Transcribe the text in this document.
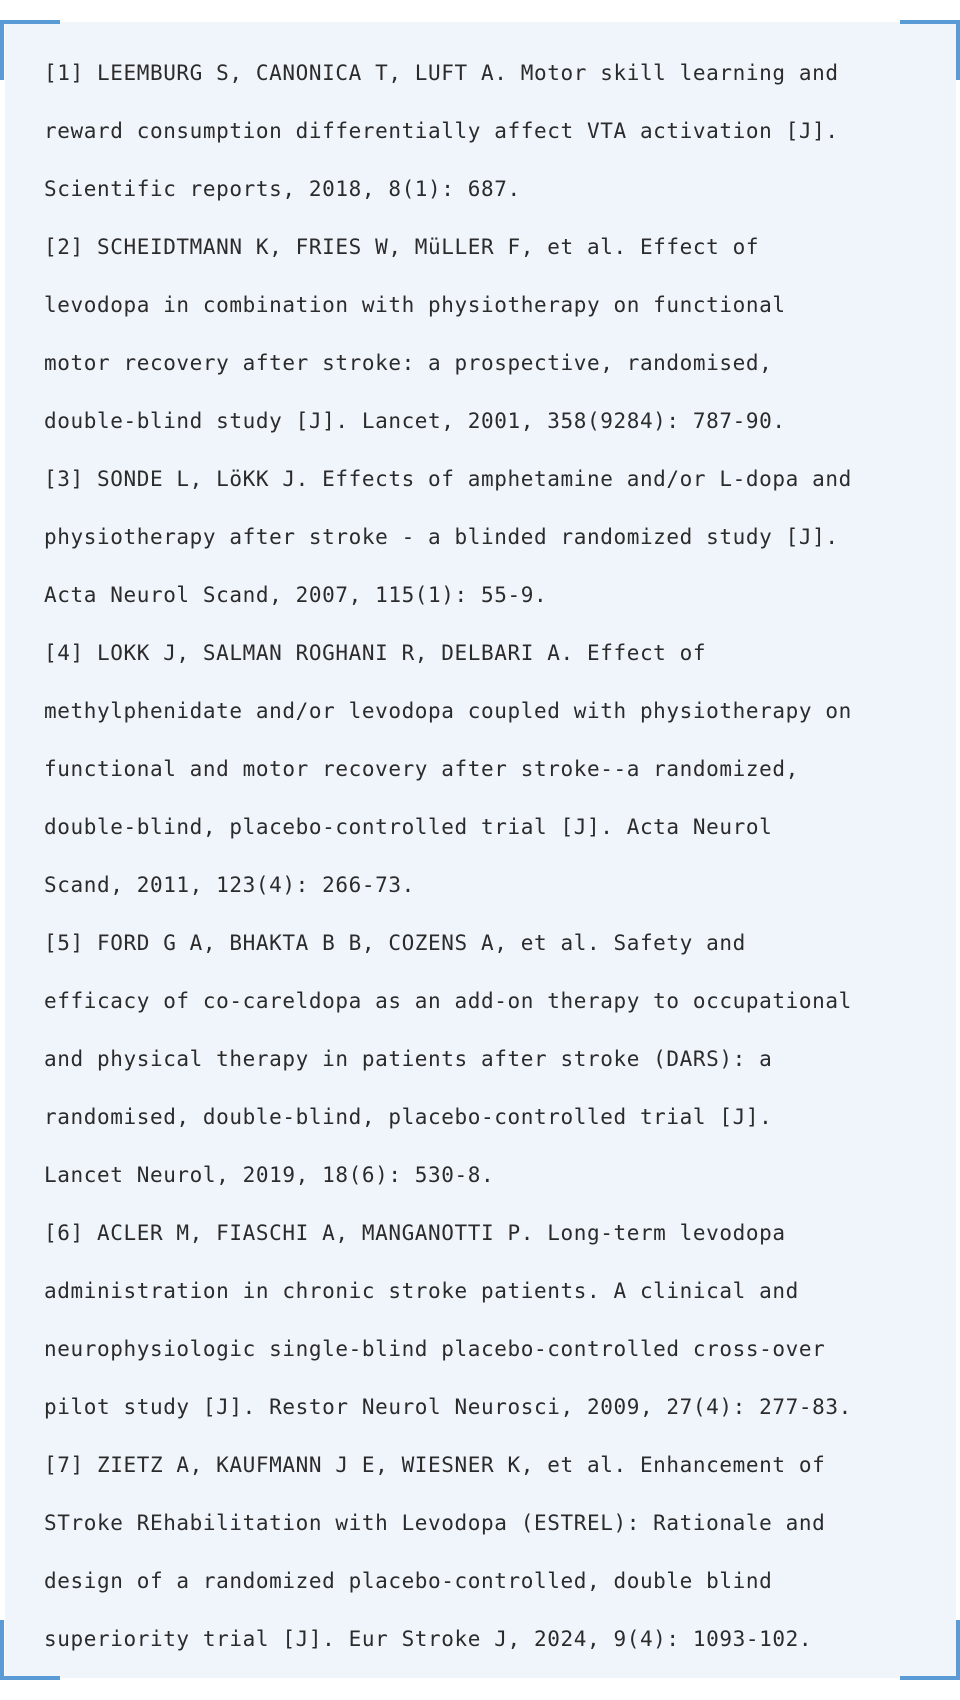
[1] LEEMBURG S, CANONICA T, LUFT A. Motor skill learning and
reward consumption differentially affect VTA activation [J].
Scientific reports, 2018, 8(1): 687.
[2] SCHEIDTMANN K, FRIES W, MüLLER F, et al. Effect of
levodopa in combination with physiotherapy on functional
motor recovery after stroke: a prospective, randomised,
double-blind study [J]. Lancet, 2001, 358(9284): 787-90.
[3] SONDE L, LöKK J. Effects of amphetamine and/or L-dopa and
physiotherapy after stroke - a blinded randomized study [J].
Acta Neurol Scand, 2007, 115(1): 55-9.
[4] LOKK J, SALMAN ROGHANI R, DELBARI A. Effect of
methylphenidate and/or levodopa coupled with physiotherapy on
functional and motor recovery after stroke--a randomized,
double-blind, placebo-controlled trial [J]. Acta Neurol
Scand, 2011, 123(4): 266-73.
[5] FORD G A, BHAKTA B B, COZENS A, et al. Safety and
efficacy of co-careldopa as an add-on therapy to occupational
and physical therapy in patients after stroke (DARS): a
randomised, double-blind, placebo-controlled trial [J].
Lancet Neurol, 2019, 18(6): 530-8.
[6] ACLER M, FIASCHI A, MANGANOTTI P. Long-term levodopa
administration in chronic stroke patients. A clinical and
neurophysiologic single-blind placebo-controlled cross-over
pilot study [J]. Restor Neurol Neurosci, 2009, 27(4): 277-83.
[7] ZIETZ A, KAUFMANN J E, WIESNER K, et al. Enhancement of
STroke REhabilitation with Levodopa (ESTREL): Rationale and
design of a randomized placebo-controlled, double blind
superiority trial [J]. Eur Stroke J, 2024, 9(4): 1093-102.
